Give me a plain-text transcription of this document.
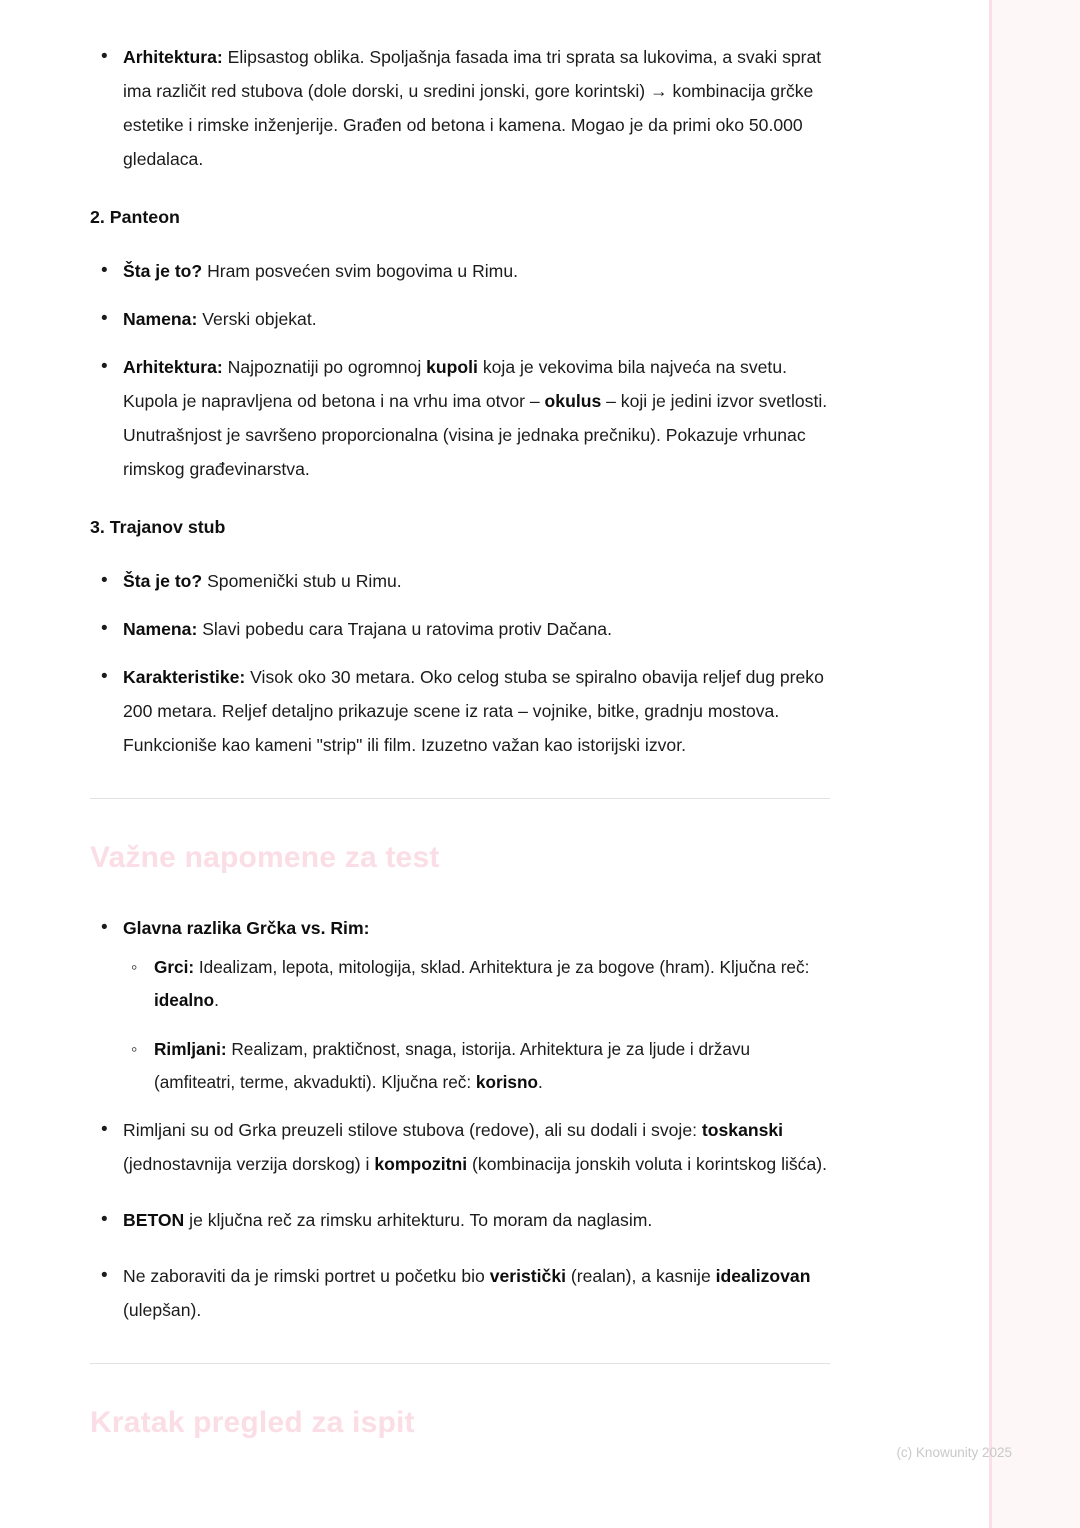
• Arhitektura: Elipsastog oblika. Spoljašnja fasada ima tri sprata sa lukovima, a svaki sprat ima različit red stubova (dole dorski, u sredini jonski, gore korintski) → kombinacija grčke estetike i rimske inženjerije. Građen od betona i kamena. Mogao je da primi oko 50.000 gledalaca.
2. Panteon
• Šta je to? Hram posvećen svim bogovima u Rimu.
• Namena: Verski objekat.
• Arhitektura: Najpoznatiji po ogromnoj kupoli koja je vekovima bila najveća na svetu. Kupola je napravljena od betona i na vrhu ima otvor – okulus – koji je jedini izvor svetlosti. Unutrašnjost je savršeno proporcionalna (visina je jednaka prečniku). Pokazuje vrhunac rimskog građevinarstva.
3. Trajanov stub
• Šta je to? Spomenički stub u Rimu.
• Namena: Slavi pobedu cara Trajana u ratovima protiv Dačana.
• Karakteristike: Visok oko 30 metara. Oko celog stuba se spiralno obavija reljef dug preko 200 metara. Reljef detaljno prikazuje scene iz rata – vojnike, bitke, gradnju mostova. Funkcioniše kao kameni "strip" ili film. Izuzetno važan kao istorijski izvor.
Važne napomene za test
• Glavna razlika Grčka vs. Rim:
◦ Grci: Idealizam, lepota, mitologija, sklad. Arhitektura je za bogove (hram). Ključna reč: idealno.
◦ Rimljani: Realizam, praktičnost, snaga, istorija. Arhitektura je za ljude i državu (amfiteatri, terme, akvadukti). Ključna reč: korisno.
• Rimljani su od Grka preuzeli stilove stubova (redove), ali su dodali i svoje: toskanski (jednostavnija verzija dorskog) i kompozitni (kombinacija jonskih voluta i korintskog lišća).
• BETON je ključna reč za rimsku arhitekturu. To moram da naglasim.
• Ne zaboraviti da je rimski portret u početku bio veristički (realan), a kasnije idealizovan (ulepšan).
Kratak pregled za ispit
(c) Knowunity 2025
